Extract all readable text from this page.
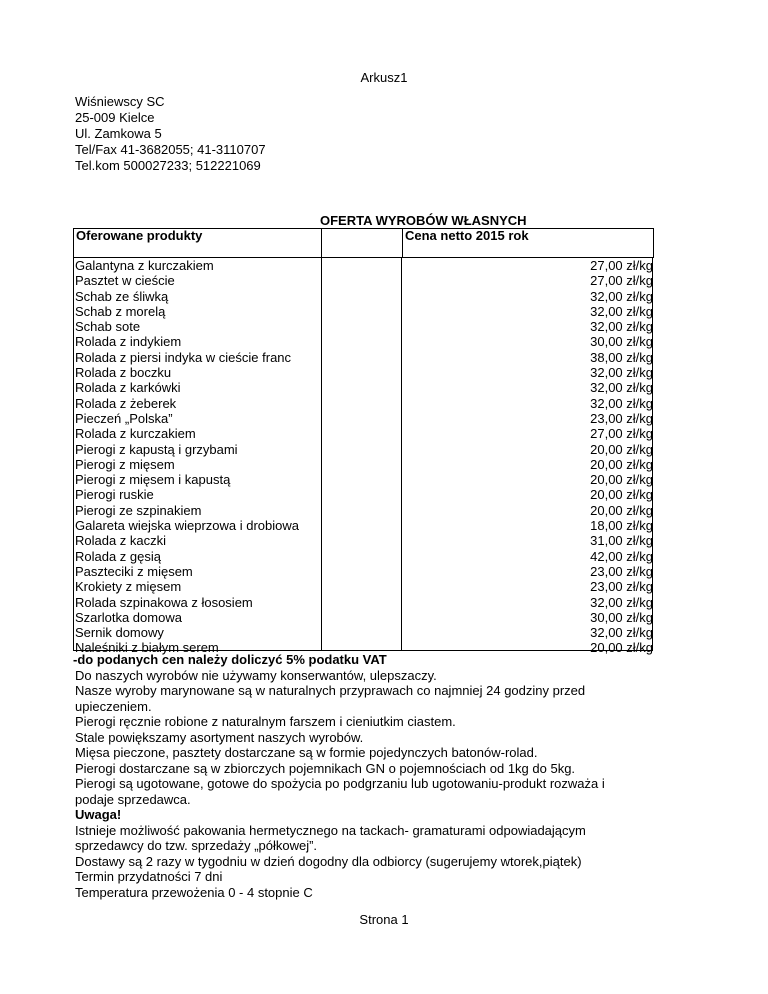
Arkusz1
Wiśniewscy SC
25-009 Kielce
Ul. Zamkowa 5
Tel/Fax 41-3682055; 41-3110707
Tel.kom 500027233; 512221069
OFERTA WYROBÓW WŁASNYCH
Oferowane produkty		Cena netto 2015 rok
Galantyna z kurczakiem	27,00 zł/kg
Pasztet w cieście	27,00 zł/kg
Schab ze śliwką	32,00 zł/kg
Schab z morelą	32,00 zł/kg
Schab sote	32,00 zł/kg
Rolada z indykiem	30,00 zł/kg
Rolada z piersi indyka w cieście franc	38,00 zł/kg
Rolada z boczku	32,00 zł/kg
Rolada z karkówki	32,00 zł/kg
Rolada z żeberek	32,00 zł/kg
Pieczeń „Polska”	23,00 zł/kg
Rolada z kurczakiem	27,00 zł/kg
Pierogi z kapustą i grzybami	20,00 zł/kg
Pierogi z mięsem	20,00 zł/kg
Pierogi z mięsem i kapustą	20,00 zł/kg
Pierogi ruskie	20,00 zł/kg
Pierogi ze szpinakiem	20,00 zł/kg
Galareta wiejska wieprzowa i drobiowa	18,00 zł/kg
Rolada z kaczki	31,00 zł/kg
Rolada z gęsią	42,00 zł/kg
Paszteciki z mięsem	23,00 zł/kg
Krokiety z mięsem	23,00 zł/kg
Rolada szpinakowa z łososiem	32,00 zł/kg
Szarlotka domowa	30,00 zł/kg
Sernik domowy	32,00 zł/kg
Naleśniki z białym serem	20,00 zł/kg
-do podanych cen należy doliczyć 5% podatku VAT
Do naszych wyrobów nie używamy konserwantów, ulepszaczy.
Nasze wyroby marynowane są w naturalnych przyprawach co najmniej 24 godziny przed upieczeniem.
Pierogi ręcznie robione z naturalnym farszem i cieniutkim ciastem.
Stale powiększamy asortyment naszych wyrobów.
Mięsa pieczone, pasztety dostarczane są w formie pojedynczych batonów-rolad.
Pierogi dostarczane są w zbiorczych pojemnikach GN o pojemnościach od 1kg do 5kg.
Pierogi są ugotowane, gotowe do spożycia po podgrzaniu lub ugotowaniu-produkt rozważa i podaje sprzedawca.
Uwaga!
Istnieje możliwość pakowania hermetycznego na tackach- gramaturami odpowiadającym sprzedawcy do tzw. sprzedaży „półkowej”.
Dostawy są 2 razy w tygodniu w dzień dogodny dla odbiorcy (sugerujemy wtorek,piątek)
Termin przydatności 7 dni
Temperatura przewożenia 0 - 4 stopnie C
Strona 1
